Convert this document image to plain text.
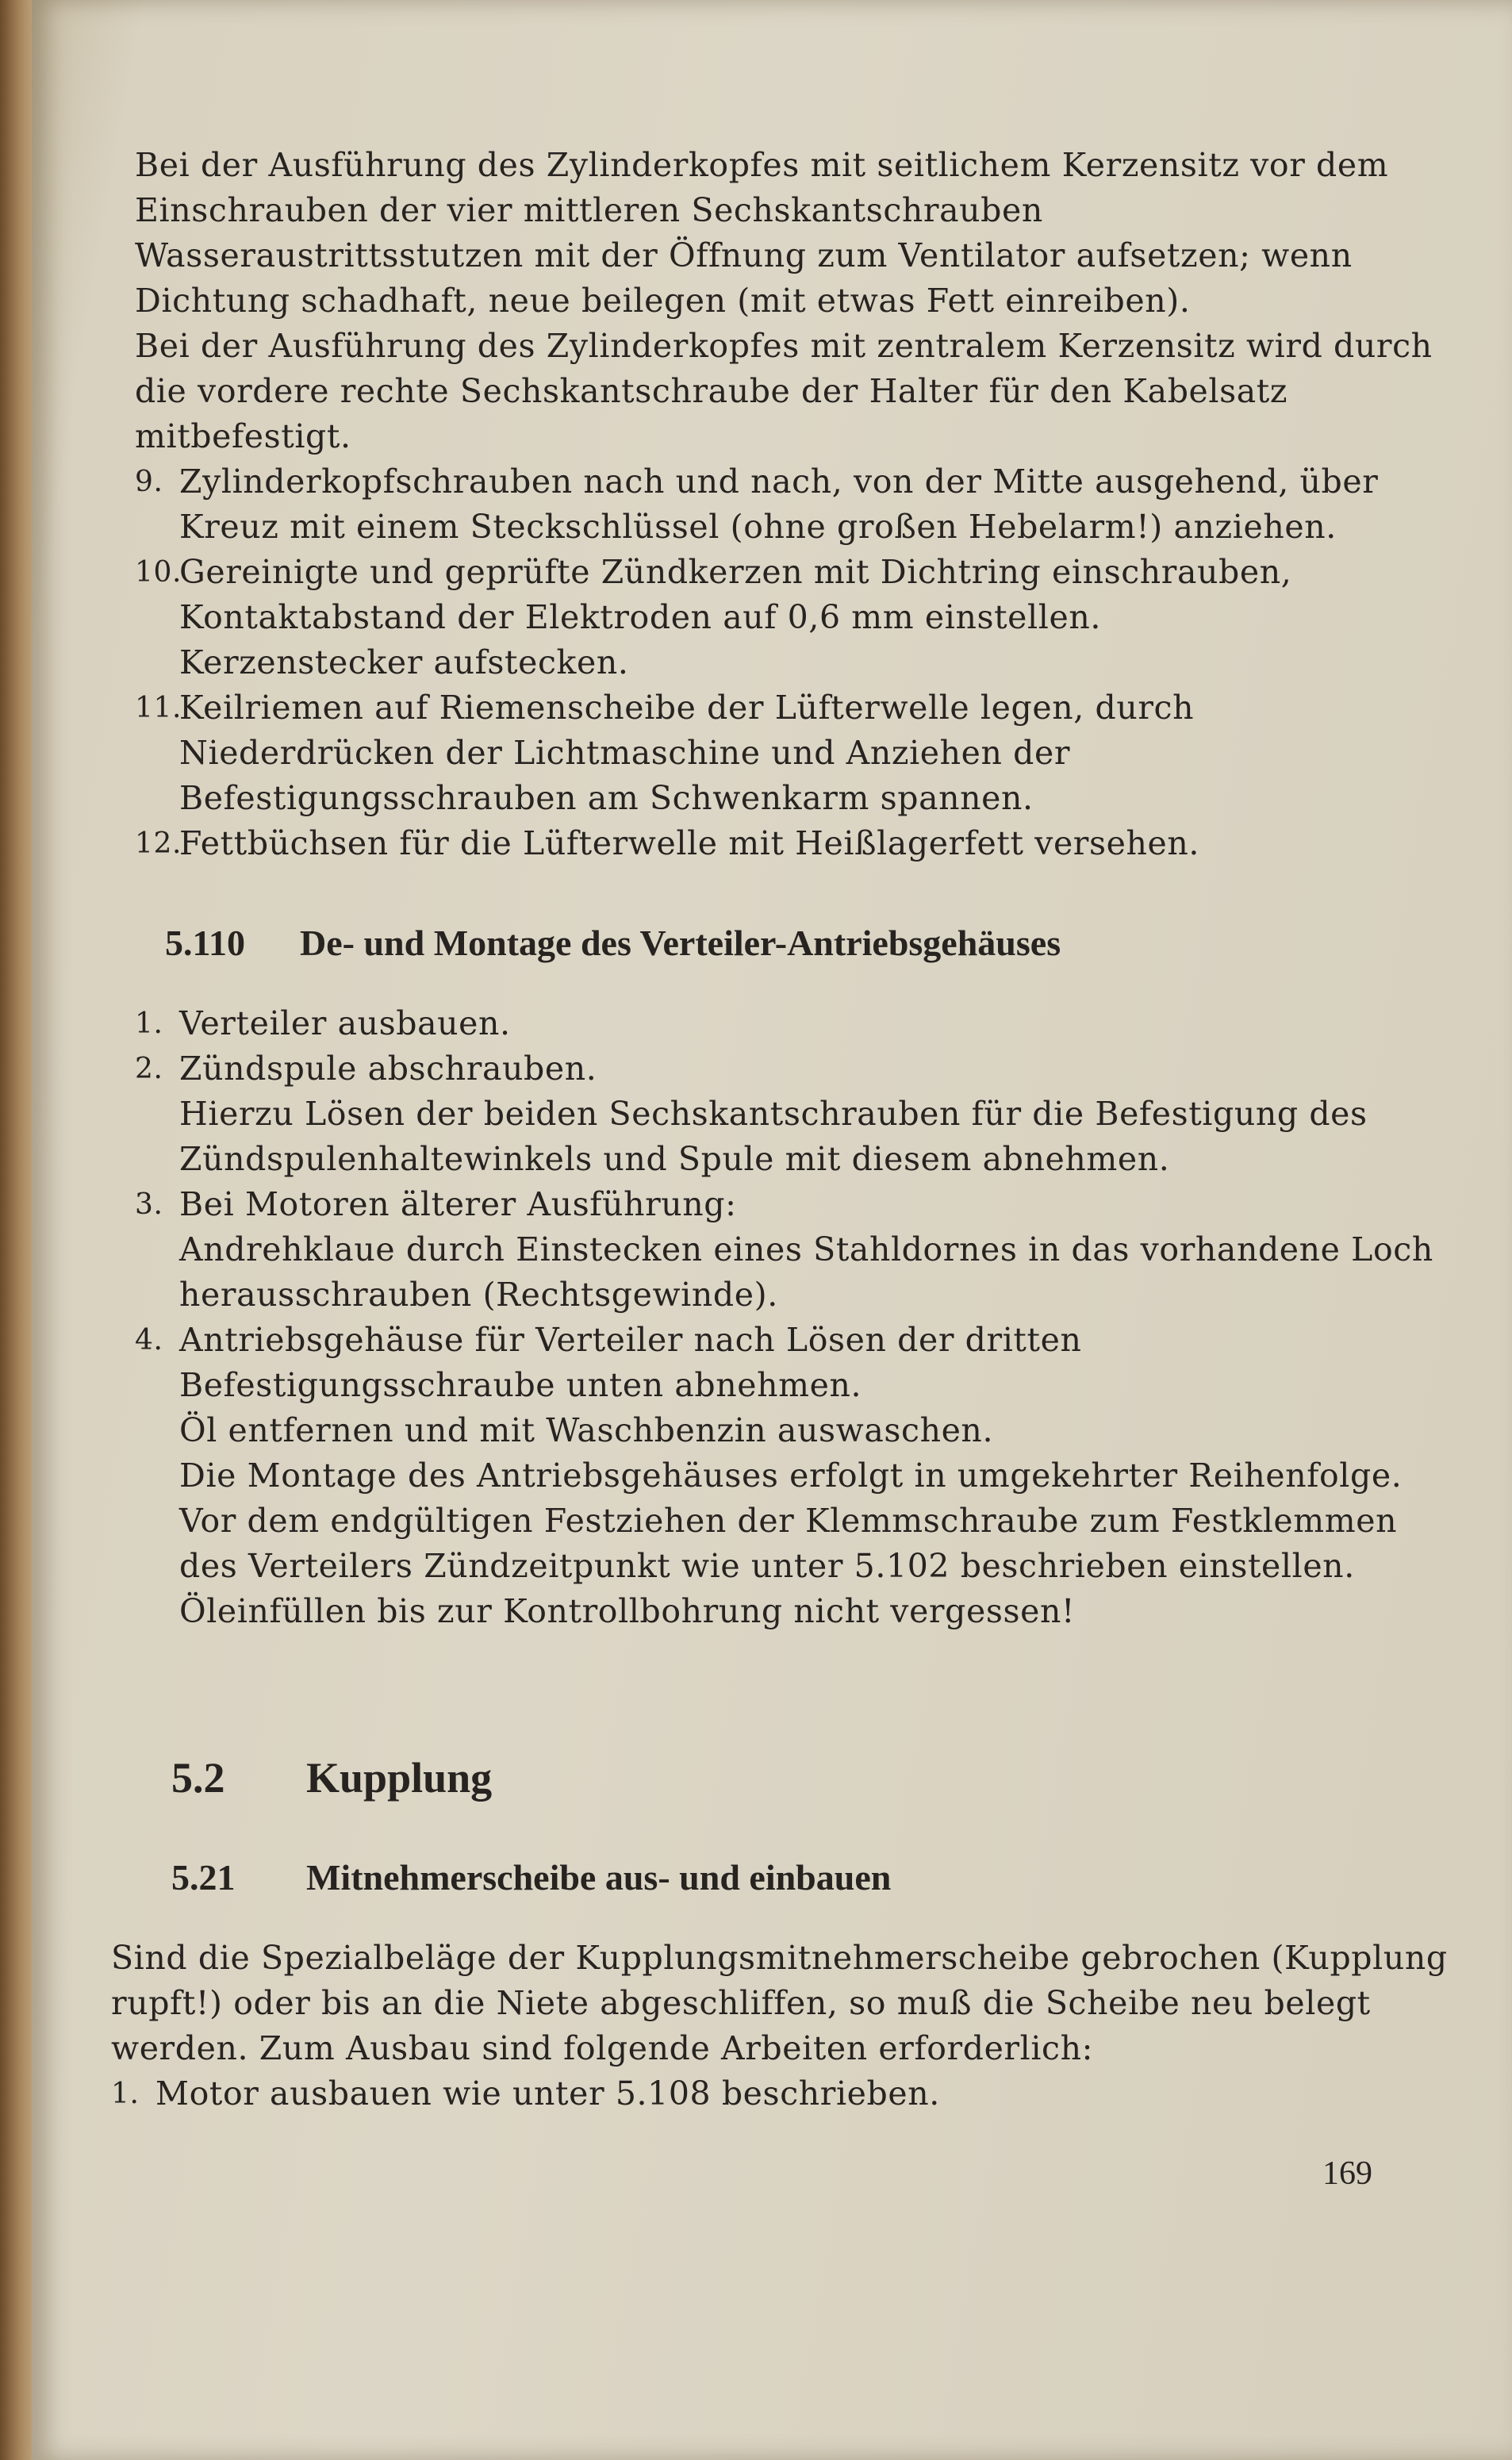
Bei der Ausführung des Zylinderkopfes mit seitlichem Kerzensitz vor dem Einschrauben der vier mittleren Sechskantschrauben Wasseraustrittsstutzen mit der Öffnung zum Ventilator aufsetzen; wenn Dichtung schadhaft, neue beilegen (mit etwas Fett einreiben).

Bei der Ausführung des Zylinderkopfes mit zentralem Kerzensitz wird durch die vordere rechte Sechskantschraube der Halter für den Kabelsatz mitbefestigt.

9. Zylinderkopfschrauben nach und nach, von der Mitte ausgehend, über Kreuz mit einem Steckschlüssel (ohne großen Hebelarm!) anziehen.

10.

Gereinigte und geprüfte Zündkerzen mit Dichtring einschrauben, Kontaktabstand der Elektroden auf 0,6 mm einstellen.

Kerzenstecker aufstecken.

11.

Keilriemen auf Riemenscheibe der Lüfterwelle legen, durch Niederdrücken der Lichtmaschine und Anziehen der Befestigungsschrauben am Schwenkarm spannen.

12.

Fettbüchsen für die Lüfterwelle mit Heißlagerfett versehen.

5.110 De- und Montage des Verteiler-Antriebsgehäuses
1. Verteiler ausbauen.

2. Zündspule abschrauben.

Hierzu Lösen der beiden Sechskantschrauben für die Befestigung des Zündspulenhaltewinkels und Spule mit diesem abnehmen.

3. Bei Motoren älterer Ausführung:

Andrehklaue durch Einstecken eines Stahldornes in das vorhandene Loch herausschrauben (Rechtsgewinde).

4. Antriebsgehäuse für Verteiler nach Lösen der dritten Befestigungsschraube unten abnehmen.

Öl entfernen und mit Waschbenzin auswaschen.

Die Montage des Antriebsgehäuses erfolgt in umgekehrter Reihenfolge.

Vor dem endgültigen Festziehen der Klemmschraube zum Festklemmen des Verteilers Zündzeitpunkt wie unter 5.102 beschrieben einstellen.

Öleinfüllen bis zur Kontrollbohrung nicht vergessen!

5.2 Kupplung
5.21 Mitnehmerscheibe aus- und einbauen

Sind die Spezialbeläge der Kupplungsmitnehmerscheibe gebrochen (Kupplung rupft!) oder bis an die Niete abgeschliffen, so muß die Scheibe neu belegt werden. Zum Ausbau sind folgende Arbeiten erforderlich:

1. Motor ausbauen wie unter 5.108 beschrieben.

169
